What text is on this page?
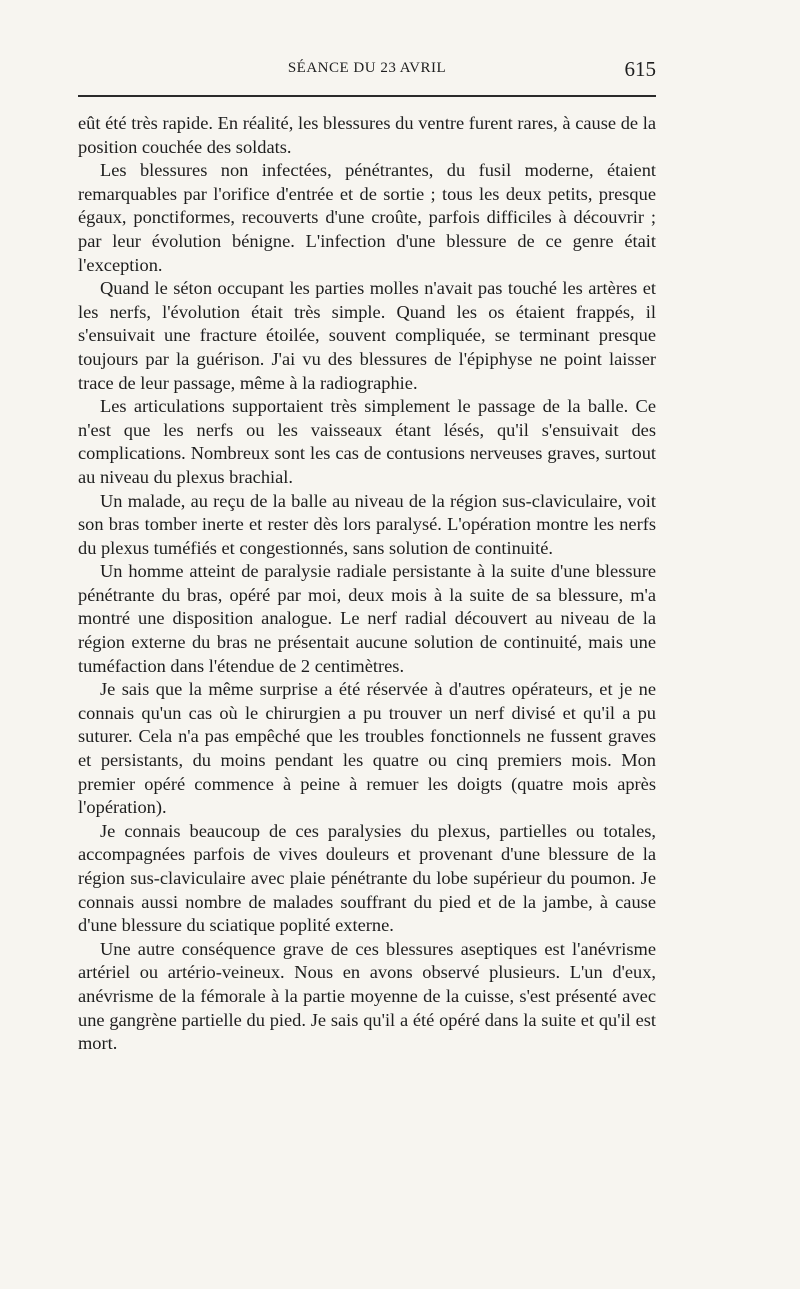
SÉANCE DU 23 AVRIL	615

eût été très rapide. En réalité, les blessures du ventre furent rares, à cause de la position couchée des soldats.

Les blessures non infectées, pénétrantes, du fusil moderne, étaient remarquables par l'orifice d'entrée et de sortie ; tous les deux petits, presque égaux, ponctiformes, recouverts d'une croûte, parfois difficiles à découvrir ; par leur évolution bénigne. L'infection d'une blessure de ce genre était l'exception.

Quand le séton occupant les parties molles n'avait pas touché les artères et les nerfs, l'évolution était très simple. Quand les os étaient frappés, il s'ensuivait une fracture étoilée, souvent compliquée, se terminant presque toujours par la guérison. J'ai vu des blessures de l'épiphyse ne point laisser trace de leur passage, même à la radiographie.

Les articulations supportaient très simplement le passage de la balle. Ce n'est que les nerfs ou les vaisseaux étant lésés, qu'il s'ensuivait des complications. Nombreux sont les cas de contusions nerveuses graves, surtout au niveau du plexus brachial.

Un malade, au reçu de la balle au niveau de la région sus-claviculaire, voit son bras tomber inerte et rester dès lors paralysé. L'opération montre les nerfs du plexus tuméfiés et congestionnés, sans solution de continuité.

Un homme atteint de paralysie radiale persistante à la suite d'une blessure pénétrante du bras, opéré par moi, deux mois à la suite de sa blessure, m'a montré une disposition analogue. Le nerf radial découvert au niveau de la région externe du bras ne présentait aucune solution de continuité, mais une tuméfaction dans l'étendue de 2 centimètres.

Je sais que la même surprise a été réservée à d'autres opérateurs, et je ne connais qu'un cas où le chirurgien a pu trouver un nerf divisé et qu'il a pu suturer. Cela n'a pas empêché que les troubles fonctionnels ne fussent graves et persistants, du moins pendant les quatre ou cinq premiers mois. Mon premier opéré commence à peine à remuer les doigts (quatre mois après l'opération).

Je connais beaucoup de ces paralysies du plexus, partielles ou totales, accompagnées parfois de vives douleurs et provenant d'une blessure de la région sus-claviculaire avec plaie pénétrante du lobe supérieur du poumon. Je connais aussi nombre de malades souffrant du pied et de la jambe, à cause d'une blessure du sciatique poplité externe.

Une autre conséquence grave de ces blessures aseptiques est l'anévrisme artériel ou artério-veineux. Nous en avons observé plusieurs. L'un d'eux, anévrisme de la fémorale à la partie moyenne de la cuisse, s'est présenté avec une gangrène partielle du pied. Je sais qu'il a été opéré dans la suite et qu'il est mort.
